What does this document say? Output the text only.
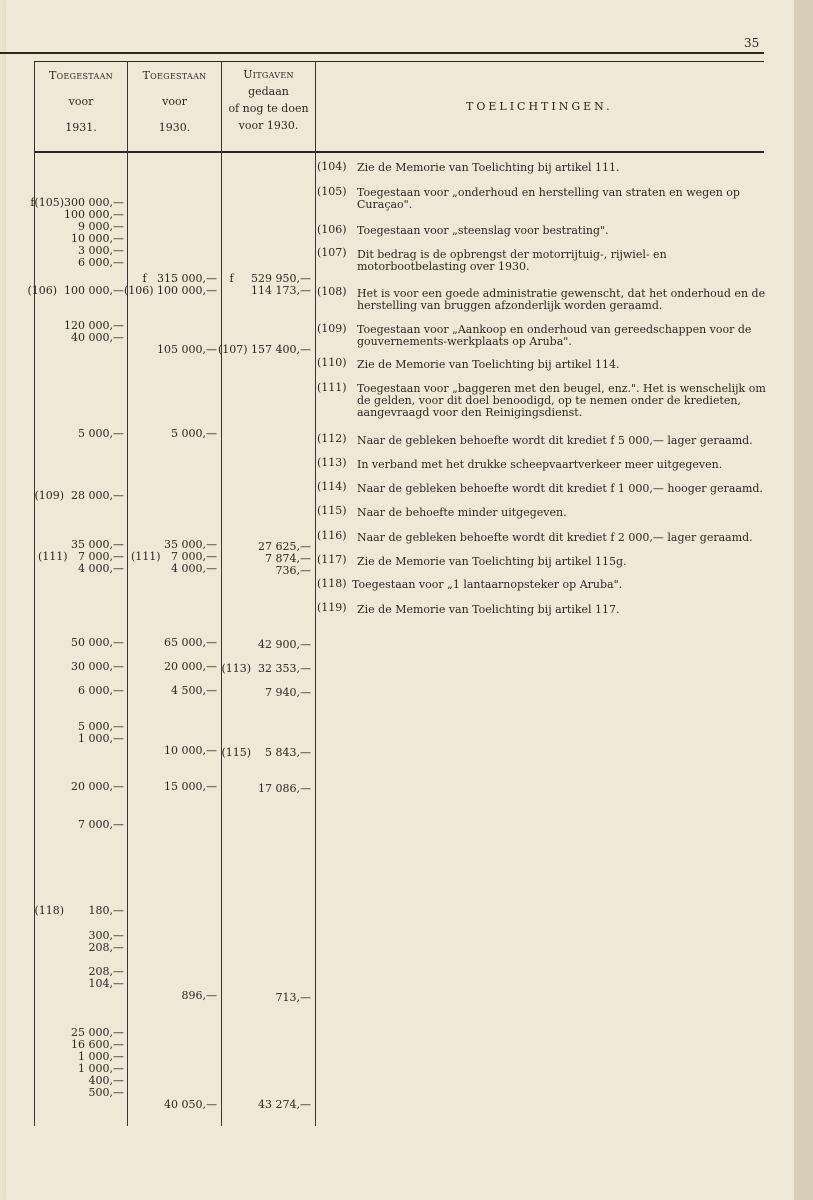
35
Toegestaan
voor
1931.
Toegestaan
voor
1930.
Uitgaven
gedaan
of nog te doen
voor 1930.
TOELICHTINGEN.
f(105)300 000,—
100 000,—
9 000,—
10 000,—
3 000,—
6 000,—
(106)  100 000,—
120 000,—
40 000,—
5 000,—
(109)  28 000,—
35 000,—
(111)   7 000,—
4 000,—
50 000,—
30 000,—
6 000,—
5 000,—
1 000,—
20 000,—
7 000,—
(118)       180,—
300,—
208,—
208,—
104,—
25 000,—
16 600,—
1 000,—
1 000,—
400,—
500,—
f   315 000,—
(106) 100 000,—
105 000,—
5 000,—
35 000,—
(111)   7 000,—
4 000,—
65 000,—
20 000,—
4 500,—
10 000,—
15 000,—
896,—
40 050,—
f     529 950,—
114 173,—
(107) 157 400,—
27 625,—
7 874,—
736,—
42 900,—
(113)  32 353,—
7 940,—
(115)    5 843,—
17 086,—
713,—
43 274,—
(104) Zie de Memorie van Toelichting bij artikel 111.
(105) Toegestaan voor „onderhoud en herstelling van straten en wegen op Curaçao".
(106) Toegestaan voor „steenslag voor bestrating".
(107) Dit bedrag is de opbrengst der motorrijtuig-, rijwiel- en motorbootbelasting over 1930.
(108) Het is voor een goede administratie gewenscht, dat het onderhoud en de herstelling van bruggen afzonderlijk worden geraamd.
(109) Toegestaan voor „Aankoop en onderhoud van gereedschappen voor de gouvernements-werkplaats op Aruba".
(110) Zie de Memorie van Toelichting bij artikel 114.
(111) Toegestaan voor „baggeren met den beugel, enz.". Het is wenschelijk om de gelden, voor dit doel benoodigd, op te nemen onder de kredieten, aangevraagd voor den Reinigingsdienst.
(112) Naar de gebleken behoefte wordt dit krediet f 5 000,— lager geraamd.
(113) In verband met het drukke scheepvaartverkeer meer uitgegeven.
(114) Naar de gebleken behoefte wordt dit krediet f 1 000,— hooger geraamd.
(115) Naar de behoefte minder uitgegeven.
(116) Naar de gebleken behoefte wordt dit krediet f 2 000,— lager geraamd.
(117) Zie de Memorie van Toelichting bij artikel 115g.
(118) Toegestaan voor „1 lantaarnopsteker op Aruba".
(119) Zie de Memorie van Toelichting bij artikel 117.
